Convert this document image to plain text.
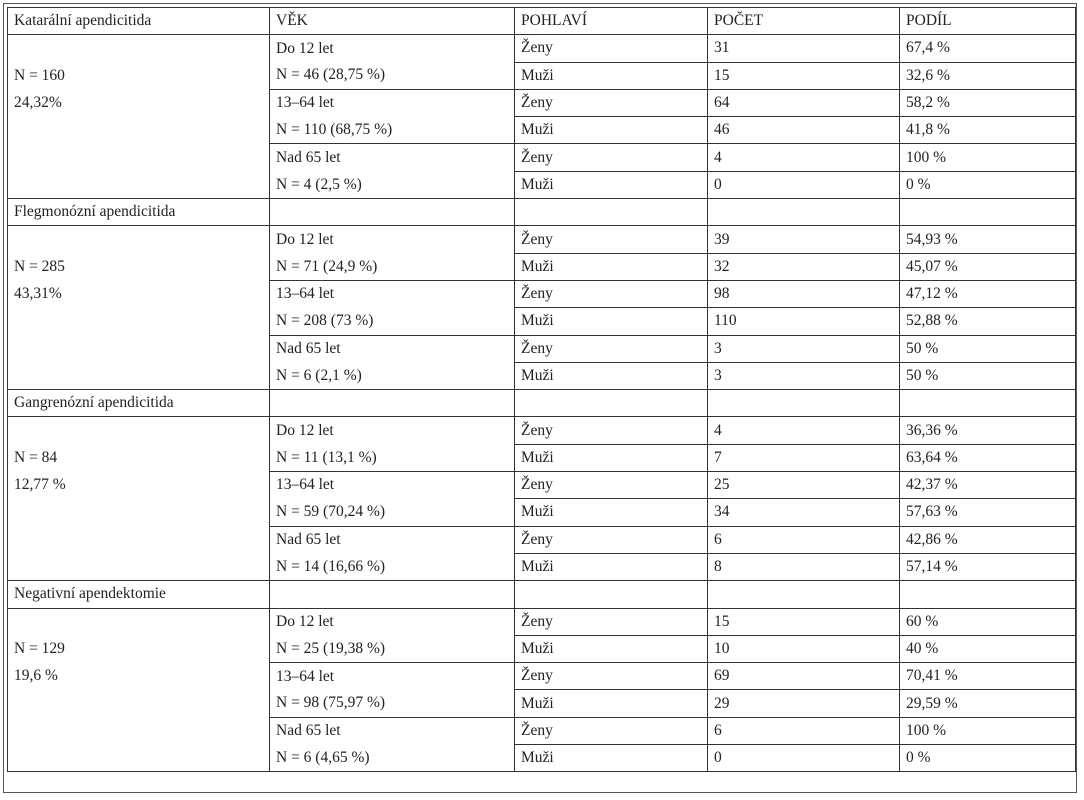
Katarální apendicitida	VĚK	POHLAVÍ	POČET	PODÍL
	Do 12 let	Ženy	31	67,4 %
N = 160	N = 46 (28,75 %)	Muži	15	32,6 %
24,32%	13–64 let	Ženy	64	58,2 %
	N = 110 (68,75 %)	Muži	46	41,8 %
	Nad 65 let	Ženy	4	100 %
	N = 4 (2,5 %)	Muži	0	0 %
Flegmonózní apendicitida				
	Do 12 let	Ženy	39	54,93 %
N = 285	N = 71 (24,9 %)	Muži	32	45,07 %
43,31%	13–64 let	Ženy	98	47,12 %
	N = 208 (73 %)	Muži	110	52,88 %
	Nad 65 let	Ženy	3	50 %
	N = 6 (2,1 %)	Muži	3	50 %
Gangrenózní apendicitida				
	Do 12 let	Ženy	4	36,36 %
N = 84	N = 11 (13,1 %)	Muži	7	63,64 %
12,77 %	13–64 let	Ženy	25	42,37 %
	N = 59 (70,24 %)	Muži	34	57,63 %
	Nad 65 let	Ženy	6	42,86 %
	N = 14 (16,66 %)	Muži	8	57,14 %
Negativní apendektomie				
	Do 12 let	Ženy	15	60 %
N = 129	N = 25 (19,38 %)	Muži	10	40 %
19,6 %	13–64 let	Ženy	69	70,41 %
	N = 98 (75,97 %)	Muži	29	29,59 %
	Nad 65 let	Ženy	6	100 %
	N = 6 (4,65 %)	Muži	0	0 %
